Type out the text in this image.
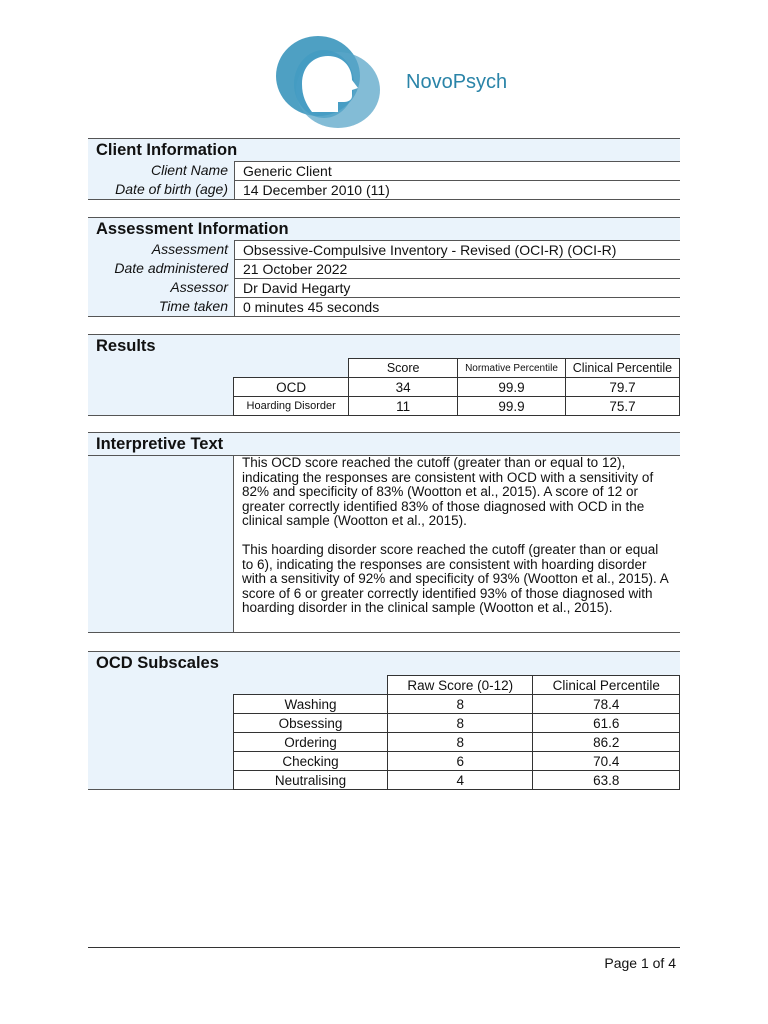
NovoPsych
Client Information
Client Name	Generic Client
Date of birth (age)	14 December 2010 (11)
Assessment Information
Assessment	Obsessive-Compulsive Inventory - Revised (OCI-R) (OCI-R)
Date administered	21 October 2022
Assessor	Dr David Hegarty
Time taken	0 minutes 45 seconds
Results
	Score	Normative Percentile	Clinical Percentile
OCD	34	99.9	79.7
Hoarding Disorder	11	99.9	75.7
Interpretive Text

This OCD score reached the cutoff (greater than or equal to 12), indicating the responses are consistent with OCD with a sensitivity of 82% and specificity of 83% (Wootton et al., 2015). A score of 12 or greater correctly identified 83% of those diagnosed with OCD in the clinical sample (Wootton et al., 2015).

This hoarding disorder score reached the cutoff (greater than or equal to 6), indicating the responses are consistent with hoarding disorder with a sensitivity of 92% and specificity of 93% (Wootton et al., 2015). A score of 6 or greater correctly identified 93% of those diagnosed with hoarding disorder in the clinical sample (Wootton et al., 2015).

OCD Subscales
	Raw Score (0-12)	Clinical Percentile
Washing	8	78.4
Obsessing	8	61.6
Ordering	8	86.2
Checking	6	70.4
Neutralising	4	63.8
Page 1 of 4
